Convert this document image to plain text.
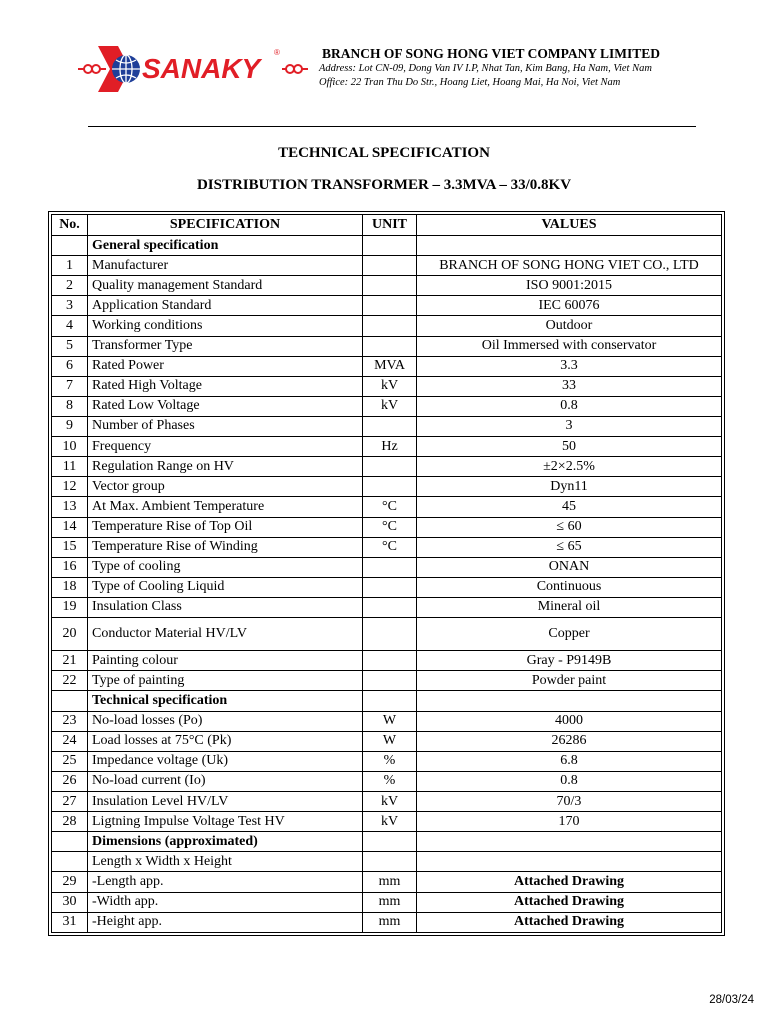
SANAKY
®	BRANCH OF SONG HONG VIET COMPANY LIMITED
Address: Lot CN-09, Dong Van IV I.P, Nhat Tan, Kim Bang, Ha Nam, Viet Nam
Office: 22 Tran Thu Do Str., Hoang Liet, Hoang Mai, Ha Noi, Viet Nam
TECHNICAL SPECIFICATION
DISTRIBUTION TRANSFORMER – 3.3MVA – 33/0.8KV
No.	SPECIFICATION	UNIT	VALUES
	General specification		
1	Manufacturer		BRANCH OF SONG HONG VIET CO., LTD
2	Quality management Standard		ISO 9001:2015
3	Application Standard		IEC 60076
4	Working conditions		Outdoor
5	Transformer Type		Oil Immersed with conservator
6	Rated Power	MVA	3.3
7	Rated High Voltage	kV	33
8	Rated Low Voltage	kV	0.8
9	Number of Phases		3
10	Frequency	Hz	50
11	Regulation Range on HV		±2×2.5%
12	Vector group		Dyn11
13	At Max. Ambient Temperature	°C	45
14	Temperature Rise of Top Oil	°C	≤ 60
15	Temperature Rise of Winding	°C	≤ 65
16	Type of cooling		ONAN
18	Type of Cooling Liquid		Continuous
19	Insulation Class		Mineral oil
20	Conductor Material HV/LV		Copper
21	Painting colour		Gray - P9149B
22	Type of painting		Powder paint
	Technical specification		
23	No-load losses (Po)	W	4000
24	Load losses at 75°C (Pk)	W	26286
25	Impedance voltage (Uk)	%	6.8
26	No-load current (Io)	%	0.8
27	Insulation Level HV/LV	kV	70/3
28	Ligtning Impulse Voltage Test HV	kV	170
	Dimensions (approximated)		
	Length x Width x Height		
29	-Length app.	mm	Attached Drawing
30	-Width app.	mm	Attached Drawing
31	-Height app.	mm	Attached Drawing
28/03/24
